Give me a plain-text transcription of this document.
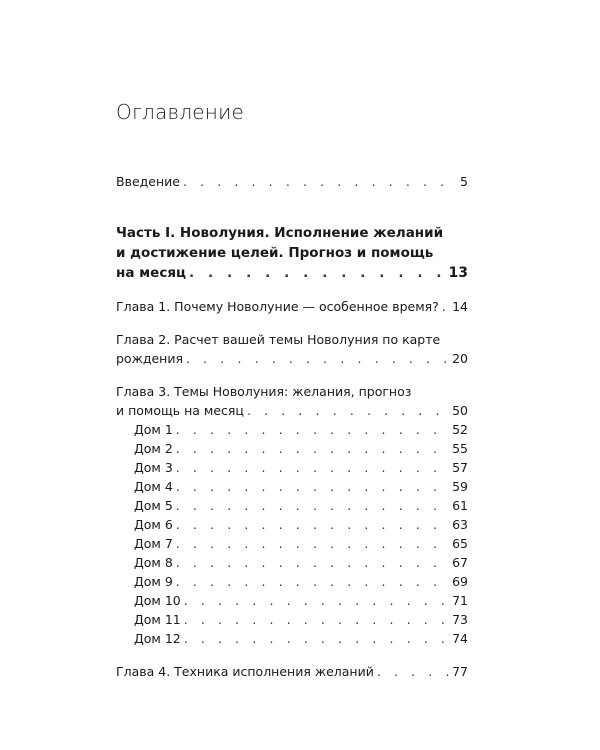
Оглавление
Введение . . .	5
Часть I. Новолуния. Исполнение желаний
и достижение целей. Прогноз и помощь
на месяц . . .	13
Глава 1. Почему Новолуние — особенное время? . . . 14
Глава 2. Расчет вашей темы Новолуния по карте
рождения . . .	20
Глава 3. Темы Новолуния: желания, прогноз
и помощь на месяц . . .	50
Дом 1 . . .	52
Дом 2 . . .	55
Дом 3 . . .	57
Дом 4 . . .	59
Дом 5 . . .	61
Дом 6 . . .	63
Дом 7 . . .	65
Дом 8 . . .	67
Дом 9 . . .	69
Дом 10 . . .	71
Дом 11 . . .	73
Дом 12 . . .	74
Глава 4. Техника исполнения желаний . . .	77
